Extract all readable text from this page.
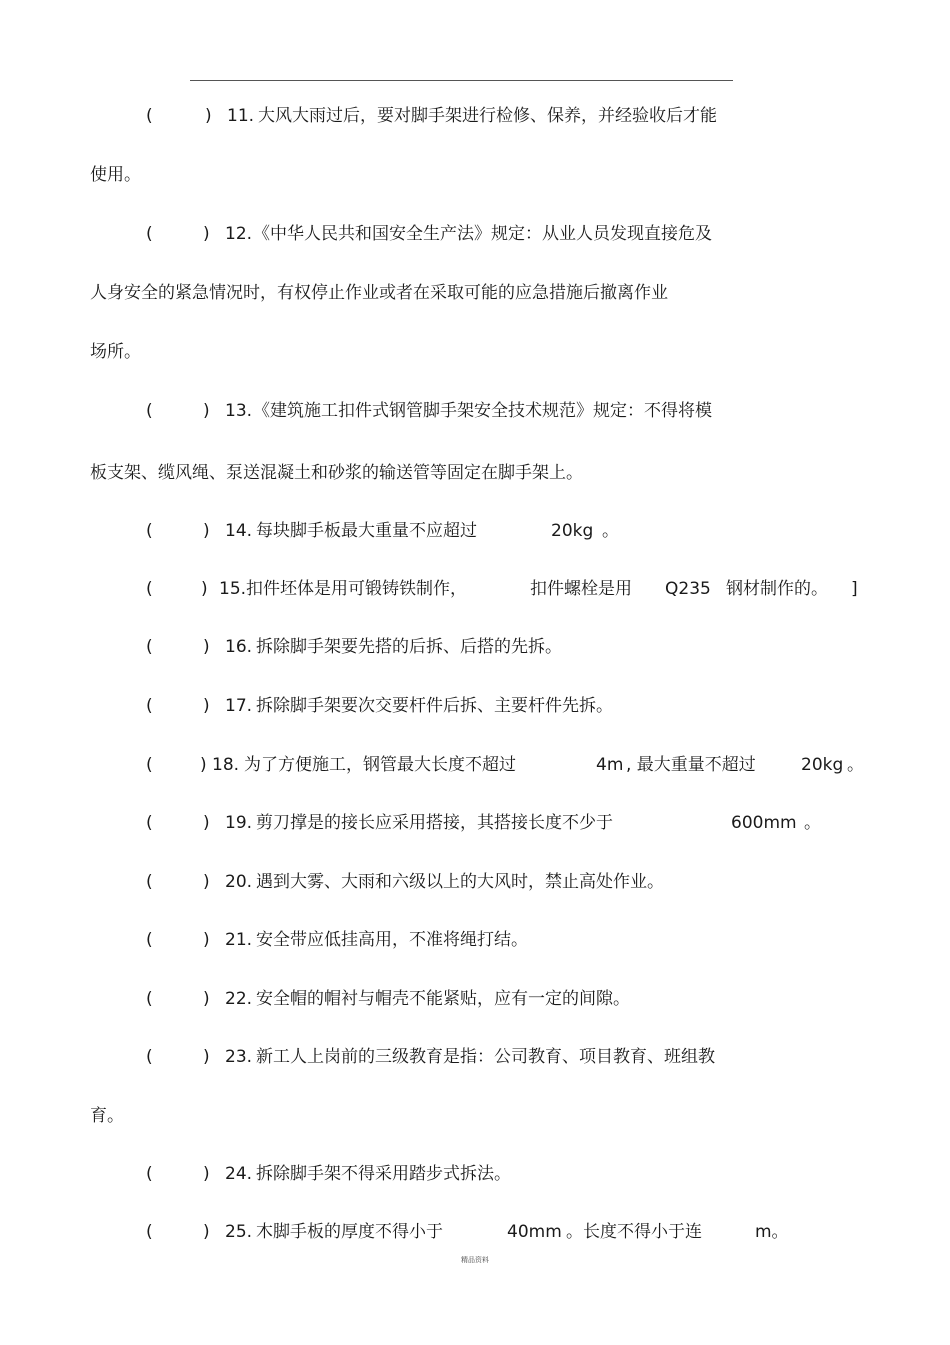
(	) 11. 大风大雨过后，要对脚手架进行检修、保养，并经验收后才能
使用。
(	) 12. 《中华人民共和国安全生产法》规定：从业人员发现直接危及
人身安全的紧急情况时，有权停止作业或者在采取可能的应急措施后撤离作业
场所。
(	) 13. 《建筑施工扣件式钢管脚手架安全技术规范》规定：不得将模
板支架、缆风绳、泵送混凝土和砂浆的输送管等固定在脚手架上。
(	) 14. 每块脚手板最大重量不应超过	20kg 。
(	) 15. 扣件坯体是用可锻铸铁制作，	扣件螺栓是用 Q235 钢材制作的。 ]
(	) 16. 拆除脚手架要先搭的后拆、后搭的先拆。
(	) 17. 拆除脚手架要次交要杆件后拆、主要杆件先拆。
(	) 18. 为了方便施工，钢管最大长度不超过	4m , 最大重量不超过	20kg 。
(	) 19. 剪刀撑是的接长应采用搭接，其搭接长度不少于	600mm 。
(	) 20. 遇到大雾、大雨和六级以上的大风时，禁止高处作业。
(	) 21. 安全带应低挂高用，不准将绳打结。
(	) 22. 安全帽的帽衬与帽壳不能紧贴，应有一定的间隙。
(	) 23. 新工人上岗前的三级教育是指：公司教育、项目教育、班组教
育。
(	) 24. 拆除脚手架不得采用踏步式拆法。
(	) 25. 木脚手板的厚度不得小于	40mm 。长度不得小于连	m。
精品资料
